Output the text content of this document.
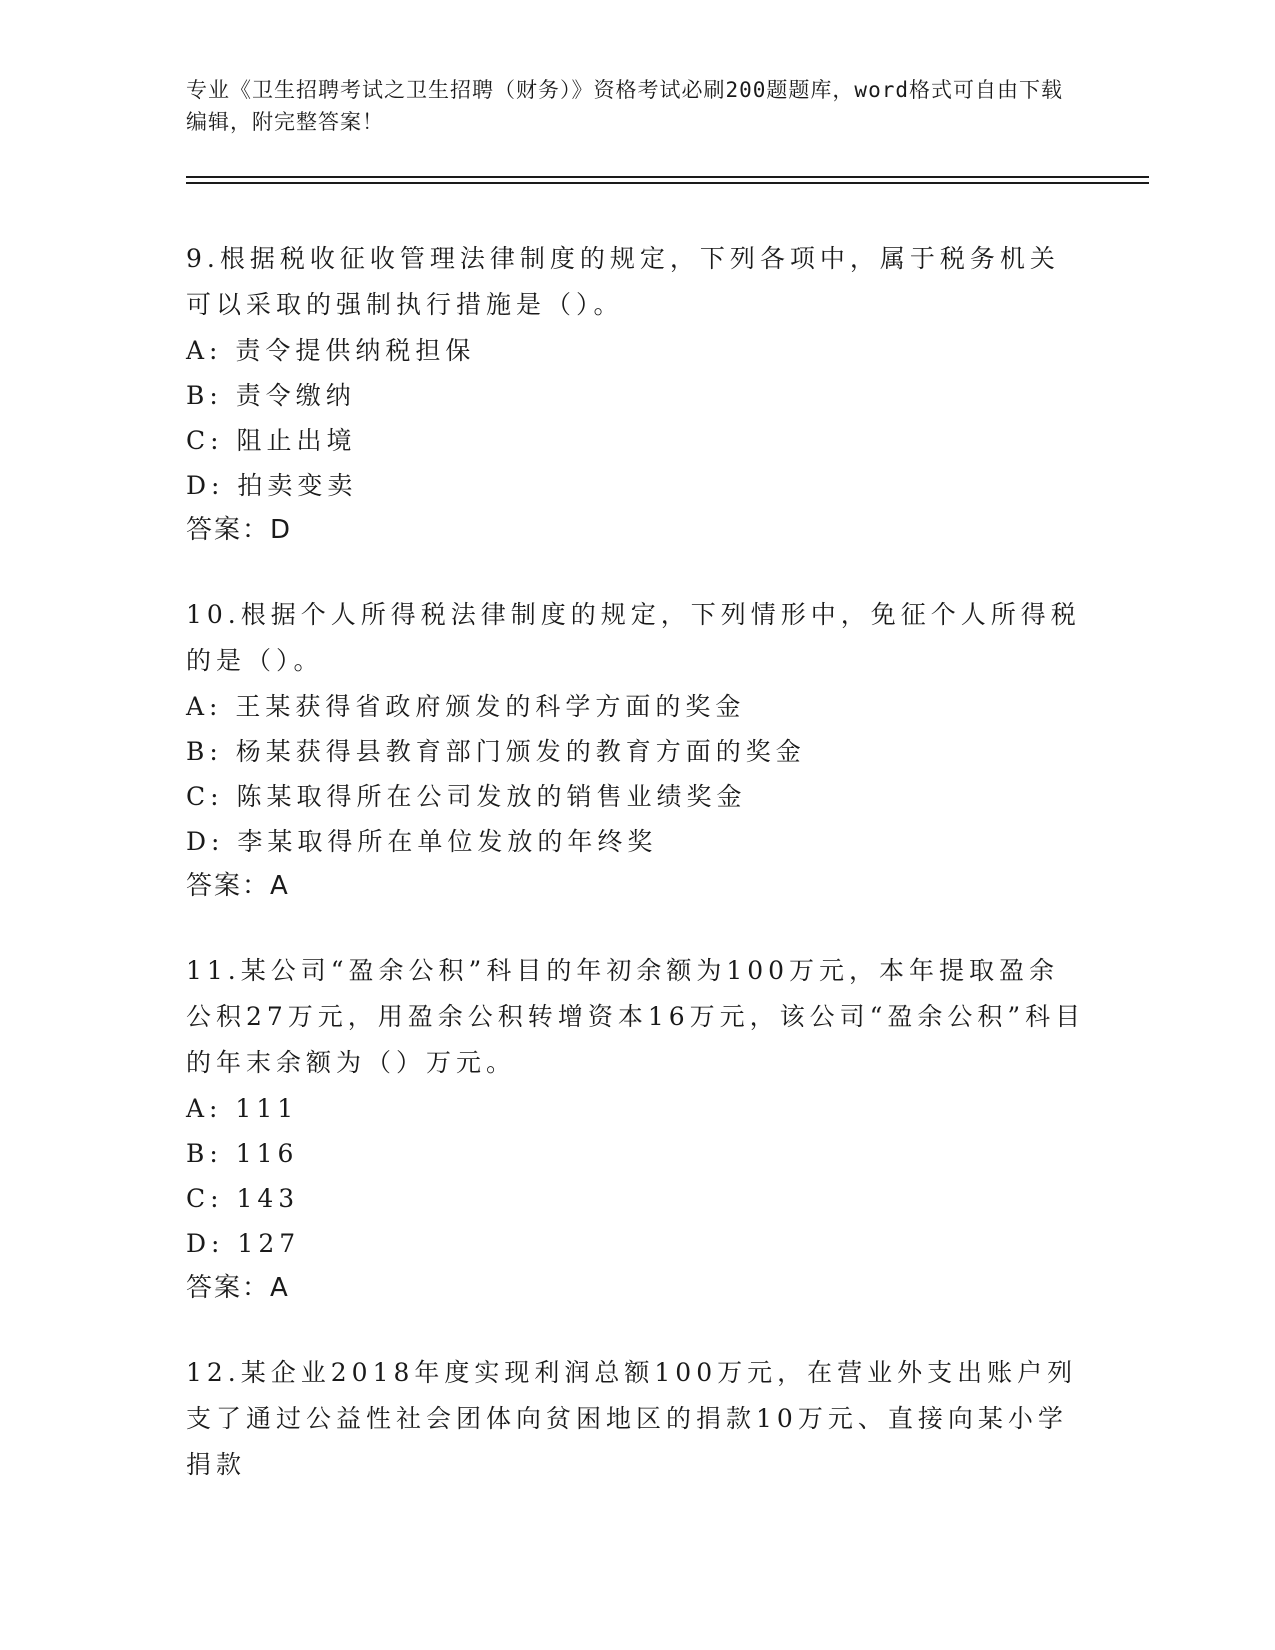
专业《卫生招聘考试之卫生招聘（财务）》资格考试必刷200题题库，word格式可自由下载编辑，附完整答案！

9.根据税收征收管理法律制度的规定，下列各项中，属于税务机关可以采取的强制执行措施是（）。

A: 责令提供纳税担保

B: 责令缴纳

C: 阻止出境

D: 拍卖变卖

答案：D

10.根据个人所得税法律制度的规定，下列情形中，免征个人所得税的是（）。

A: 王某获得省政府颁发的科学方面的奖金

B: 杨某获得县教育部门颁发的教育方面的奖金

C: 陈某取得所在公司发放的销售业绩奖金

D: 李某取得所在单位发放的年终奖

答案：A

11.某公司“盈余公积”科目的年初余额为100万元，本年提取盈余公积27万元，用盈余公积转增资本16万元，该公司“盈余公积”科目的年末余额为（）万元。

A: 111

B: 116

C: 143

D: 127

答案：A

12.某企业2018年度实现利润总额100万元，在营业外支出账户列支了通过公益性社会团体向贫困地区的捐款10万元、直接向某小学捐款
